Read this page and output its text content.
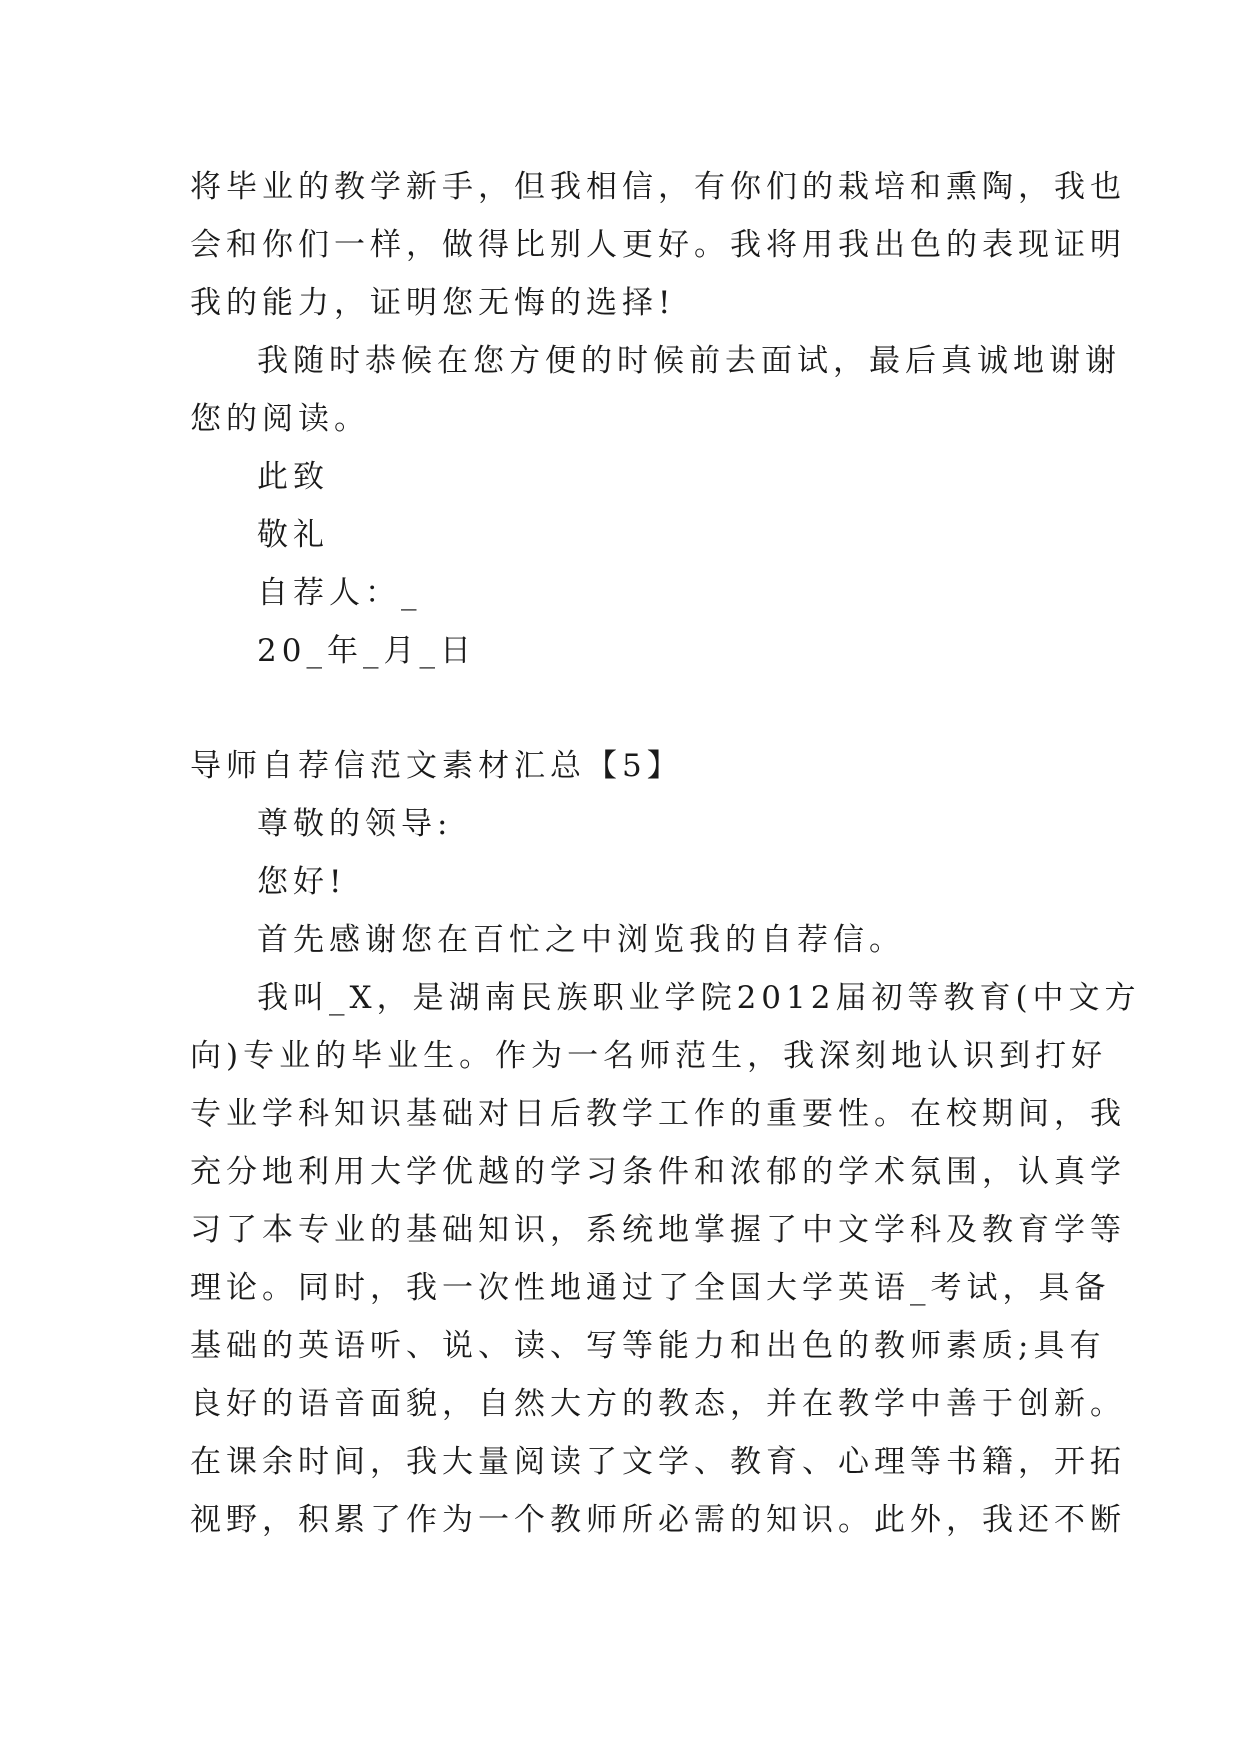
将毕业的教学新手，但我相信，有你们的栽培和熏陶，我也
会和你们一样，做得比别人更好。我将用我出色的表现证明
我的能力，证明您无悔的选择!
我随时恭候在您方便的时候前去面试，最后真诚地谢谢
您的阅读。
此致
敬礼
自荐人：_
20_年_月_日
导师自荐信范文素材汇总【5】
尊敬的领导:
您好!
首先感谢您在百忙之中浏览我的自荐信。
我叫_X，是湖南民族职业学院2012届初等教育(中文方
向)专业的毕业生。作为一名师范生，我深刻地认识到打好
专业学科知识基础对日后教学工作的重要性。在校期间，我
充分地利用大学优越的学习条件和浓郁的学术氛围，认真学
习了本专业的基础知识，系统地掌握了中文学科及教育学等
理论。同时，我一次性地通过了全国大学英语_考试，具备
基础的英语听、说、读、写等能力和出色的教师素质;具有
良好的语音面貌，自然大方的教态，并在教学中善于创新。
在课余时间，我大量阅读了文学、教育、心理等书籍，开拓
视野，积累了作为一个教师所必需的知识。此外，我还不断
